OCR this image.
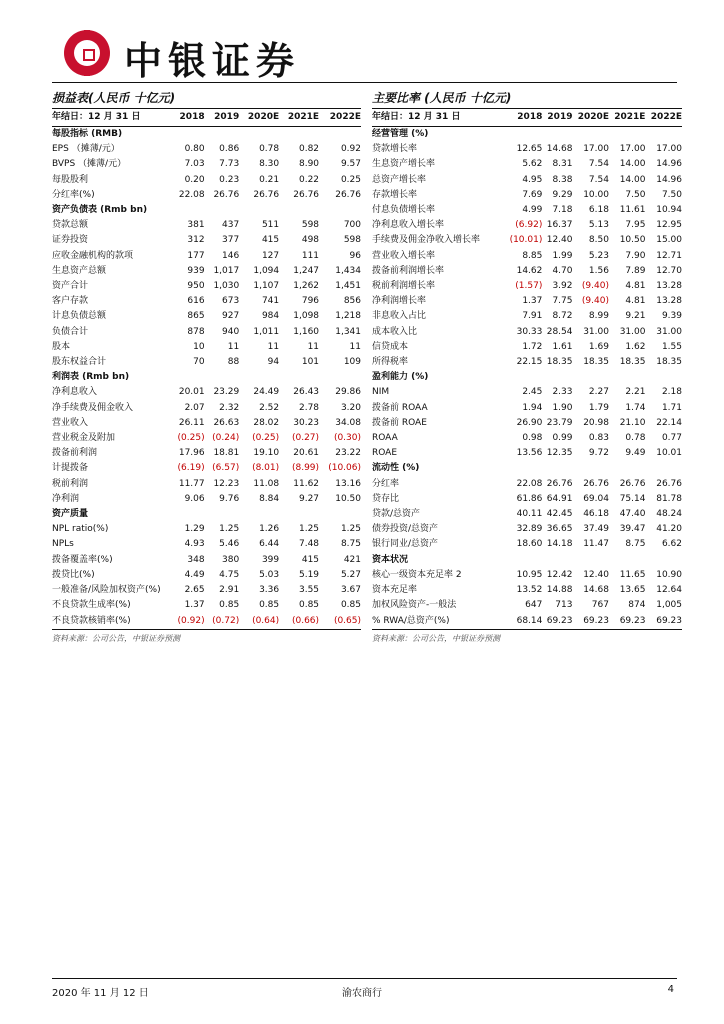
中银证券
损益表(人民币 十亿元)
年结日：12 月 31 日	2018	2019	2020E	2021E	2022E
每股指标 (RMB)					
EPS （摊薄/元）	0.80	0.86	0.78	0.82	0.92
BVPS （摊薄/元）	7.03	7.73	8.30	8.90	9.57
每股股利	0.20	0.23	0.21	0.22	0.25
分红率(%)	22.08	26.76	26.76	26.76	26.76
资产负债表 (Rmb bn)					
贷款总额	381	437	511	598	700
证券投资	312	377	415	498	598
应收金融机构的款项	177	146	127	111	96
生息资产总额	939	1,017	1,094	1,247	1,434
资产合计	950	1,030	1,107	1,262	1,451
客户存款	616	673	741	796	856
计息负债总额	865	927	984	1,098	1,218
负债合计	878	940	1,011	1,160	1,341
股本	10	11	11	11	11
股东权益合计	70	88	94	101	109
利润表 (Rmb bn)					
净利息收入	20.01	23.29	24.49	26.43	29.86
净手续费及佣金收入	2.07	2.32	2.52	2.78	3.20
营业收入	26.11	26.63	28.02	30.23	34.08
营业税金及附加	(0.25)	(0.24)	(0.25)	(0.27)	(0.30)
拨备前利润	17.96	18.81	19.10	20.61	23.22
计提拨备	(6.19)	(6.57)	(8.01)	(8.99)	(10.06)
税前利润	11.77	12.23	11.08	11.62	13.16
净利润	9.06	9.76	8.84	9.27	10.50
资产质量					
NPL ratio(%)	1.29	1.25	1.26	1.25	1.25
NPLs	4.93	5.46	6.44	7.48	8.75
拨备覆盖率(%)	348	380	399	415	421
拨贷比(%)	4.49	4.75	5.03	5.19	5.27
一般准备/风险加权资产(%)	2.65	2.91	3.36	3.55	3.67
不良贷款生成率(%)	1.37	0.85	0.85	0.85	0.85
不良贷款核销率(%)	(0.92)	(0.72)	(0.64)	(0.66)	(0.65)
资料来源：公司公告，中银证券预测
主要比率 (人民币 十亿元)
年结日：12 月 31 日	2018	2019	2020E	2021E	2022E
经营管理 (%)					
贷款增长率	12.65	14.68	17.00	17.00	17.00
生息资产增长率	5.62	8.31	7.54	14.00	14.96
总资产增长率	4.95	8.38	7.54	14.00	14.96
存款增长率	7.69	9.29	10.00	7.50	7.50
付息负债增长率	4.99	7.18	6.18	11.61	10.94
净利息收入增长率	(6.92)	16.37	5.13	7.95	12.95
手续费及佣金净收入增长率	(10.01)	12.40	8.50	10.50	15.00
营业收入增长率	8.85	1.99	5.23	7.90	12.71
拨备前利润增长率	14.62	4.70	1.56	7.89	12.70
税前利润增长率	(1.57)	3.92	(9.40)	4.81	13.28
净利润增长率	1.37	7.75	(9.40)	4.81	13.28
非息收入占比	7.91	8.72	8.99	9.21	9.39
成本收入比	30.33	28.54	31.00	31.00	31.00
信贷成本	1.72	1.61	1.69	1.62	1.55
所得税率	22.15	18.35	18.35	18.35	18.35
盈利能力 (%)					
NIM	2.45	2.33	2.27	2.21	2.18
拨备前 ROAA	1.94	1.90	1.79	1.74	1.71
拨备前 ROAE	26.90	23.79	20.98	21.10	22.14
ROAA	0.98	0.99	0.83	0.78	0.77
ROAE	13.56	12.35	9.72	9.49	10.01
流动性 (%)					
分红率	22.08	26.76	26.76	26.76	26.76
贷存比	61.86	64.91	69.04	75.14	81.78
贷款/总资产	40.11	42.45	46.18	47.40	48.24
债券投资/总资产	32.89	36.65	37.49	39.47	41.20
银行同业/总资产	18.60	14.18	11.47	8.75	6.62
资本状况					
核心一级资本充足率 2	10.95	12.42	12.40	11.65	10.90
资本充足率	13.52	14.88	14.68	13.65	12.64
加权风险资产-一般法	647	713	767	874	1,005
% RWA/总资产(%)	68.14	69.23	69.23	69.23	69.23
资料来源：公司公告，中银证券预测
2020 年 11 月 12 日	渝农商行	4
